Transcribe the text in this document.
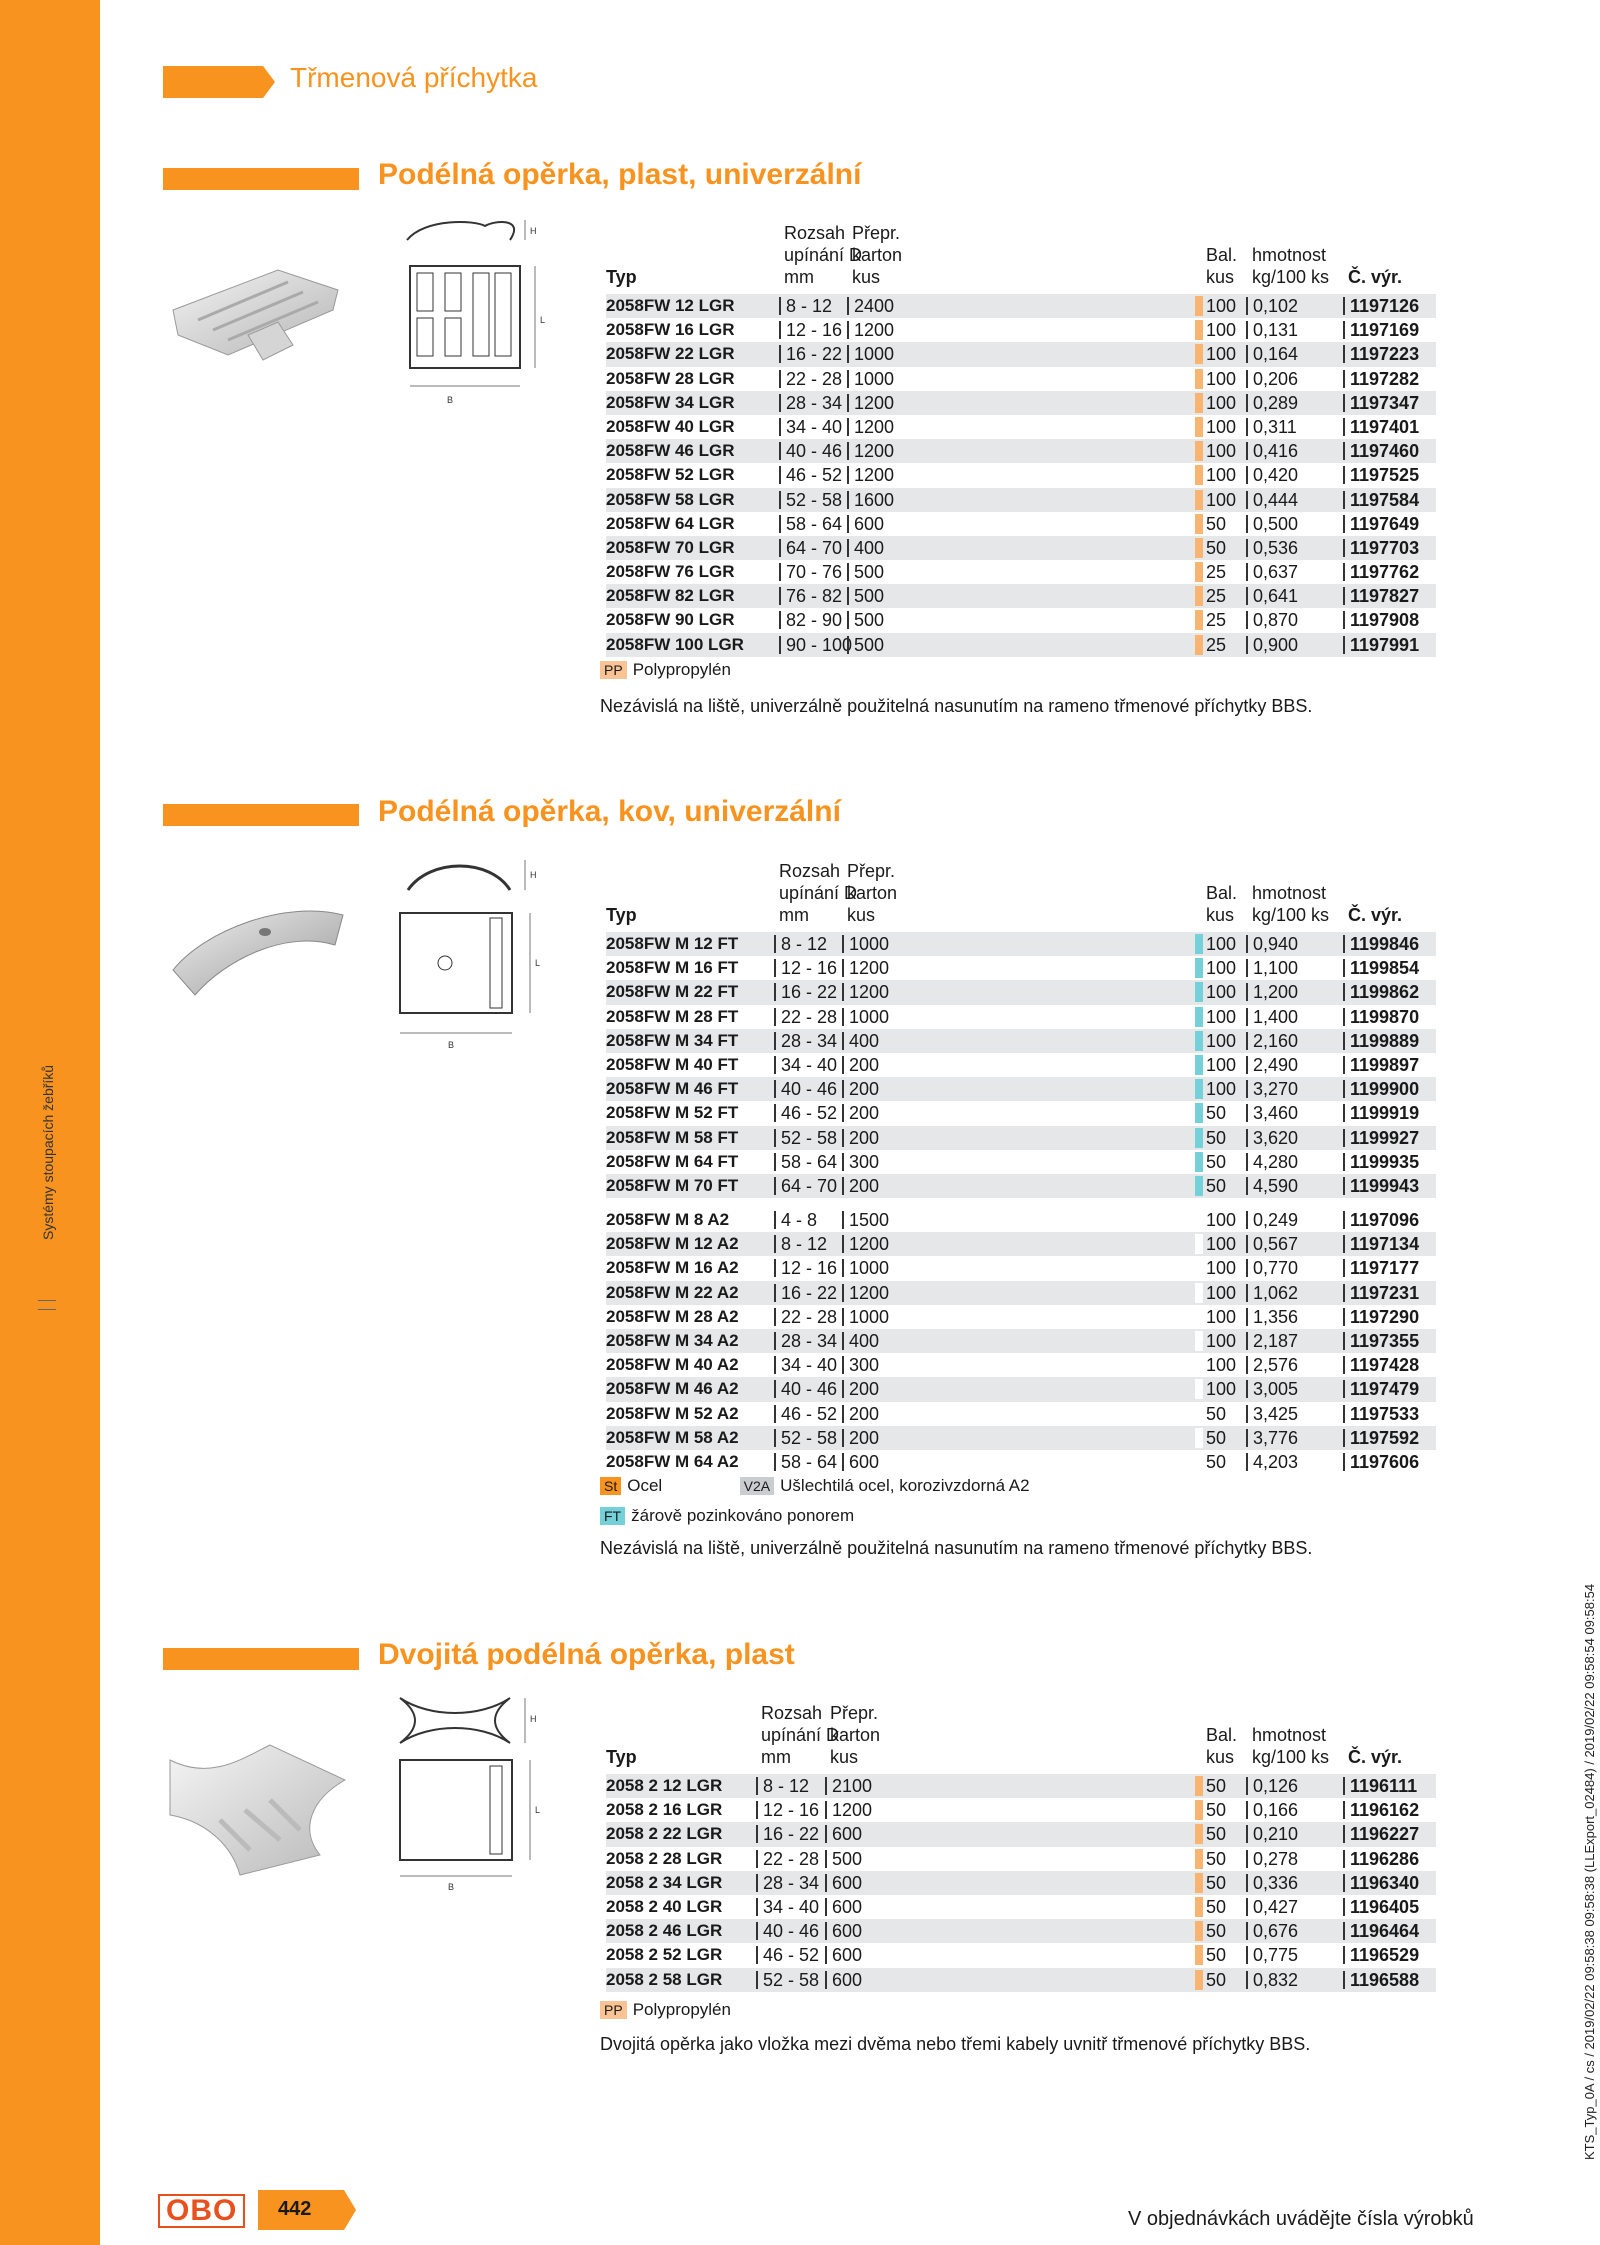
Systémy stoupacích žebříků
KTS_Typ_0A / cs / 2019/02/22 09:58:38 09:58:38 (LLExport_02484) / 2019/02/22 09:58:54 09:58:54
Třmenová příchytka
Podélná opěrka, plast, univerzální
H
L
B
Rozsah
upínání D
mm
Přepr.
karton
kus
Bal.
kus
hmotnost
kg/100 ks
Typ	Č. výr.
2058FW 12 LGR	8 - 12	2400	100 0,102	1197126
2058FW 16 LGR	12 - 16 1200	100 0,131	1197169
2058FW 22 LGR	16 - 22 1000	100 0,164	1197223
2058FW 28 LGR	22 - 28 1000	100 0,206	1197282
2058FW 34 LGR	28 - 34 1200	100 0,289	1197347
2058FW 40 LGR	34 - 40 1200	100 0,311	1197401
2058FW 46 LGR	40 - 46 1200	100 0,416	1197460
2058FW 52 LGR	46 - 52 1200	100 0,420	1197525
2058FW 58 LGR	52 - 58 1600	100 0,444	1197584
2058FW 64 LGR	58 - 64 600	50	0,500	1197649
2058FW 70 LGR	64 - 70 400	50	0,536	1197703
2058FW 76 LGR	70 - 76 500	25	0,637	1197762
2058FW 82 LGR	76 - 82 500	25	0,641	1197827
2058FW 90 LGR	82 - 90 500	25	0,870	1197908
2058FW 100 LGR	90 - 100 500	25	0,900	1197991
PP Polypropylén
Nezávislá na liště, univerzálně použitelná nasunutím na rameno třmenové příchytky BBS.
Podélná opěrka, kov, univerzální
H
L
B
Rozsah
upínání D
mm
Přepr.
karton
kus
Bal.
kus
hmotnost
kg/100 ks
Typ	Č. výr.
2058FW M 12 FT	8 - 12	1000	100 0,940	1199846
2058FW M 16 FT	12 - 16 1200	100 1,100	1199854
2058FW M 22 FT	16 - 22 1200	100 1,200	1199862
2058FW M 28 FT	22 - 28 1000	100 1,400	1199870
2058FW M 34 FT	28 - 34 400	100 2,160	1199889
2058FW M 40 FT	34 - 40 200	100 2,490	1199897
2058FW M 46 FT	40 - 46 200	100 3,270	1199900
2058FW M 52 FT	46 - 52 200	50	3,460	1199919
2058FW M 58 FT	52 - 58 200	50	3,620	1199927
2058FW M 64 FT	58 - 64 300	50	4,280	1199935
2058FW M 70 FT	64 - 70 200	50	4,590	1199943
2058FW M 8 A2	4 - 8	1500	100 0,249	1197096
2058FW M 12 A2	8 - 12	1200	100 0,567	1197134
2058FW M 16 A2	12 - 16 1000	100 0,770	1197177
2058FW M 22 A2	16 - 22 1200	100 1,062	1197231
2058FW M 28 A2	22 - 28 1000	100 1,356	1197290
2058FW M 34 A2	28 - 34 400	100 2,187	1197355
2058FW M 40 A2	34 - 40 300	100 2,576	1197428
2058FW M 46 A2	40 - 46 200	100 3,005	1197479
2058FW M 52 A2	46 - 52 200	50	3,425	1197533
2058FW M 58 A2	52 - 58 200	50	3,776	1197592
2058FW M 64 A2	58 - 64 600	50	4,203	1197606
St Ocel	V2A Ušlechtilá ocel, korozivzdorná A2
FT žárově pozinkováno ponorem
Nezávislá na liště, univerzálně použitelná nasunutím na rameno třmenové příchytky BBS.
Dvojitá podélná opěrka, plast
H
L
B
Rozsah
upínání D
mm
Přepr.
karton
kus
Bal.
kus
hmotnost
kg/100 ks
Typ	Č. výr.
2058 2 12 LGR	8 - 12	2100	50	0,126	1196111
2058 2 16 LGR	12 - 16 1200	50	0,166	1196162
2058 2 22 LGR	16 - 22 600	50	0,210	1196227
2058 2 28 LGR	22 - 28 500	50	0,278	1196286
2058 2 34 LGR	28 - 34 600	50	0,336	1196340
2058 2 40 LGR	34 - 40 600	50	0,427	1196405
2058 2 46 LGR	40 - 46 600	50	0,676	1196464
2058 2 52 LGR	46 - 52 600	50	0,775	1196529
2058 2 58 LGR	52 - 58 600	50	0,832	1196588
PP Polypropylén
Dvojitá opěrka jako vložka mezi dvěma nebo třemi kabely uvnitř třmenové příchytky BBS.
OBO	442	V objednávkách uvádějte čísla výrobků
